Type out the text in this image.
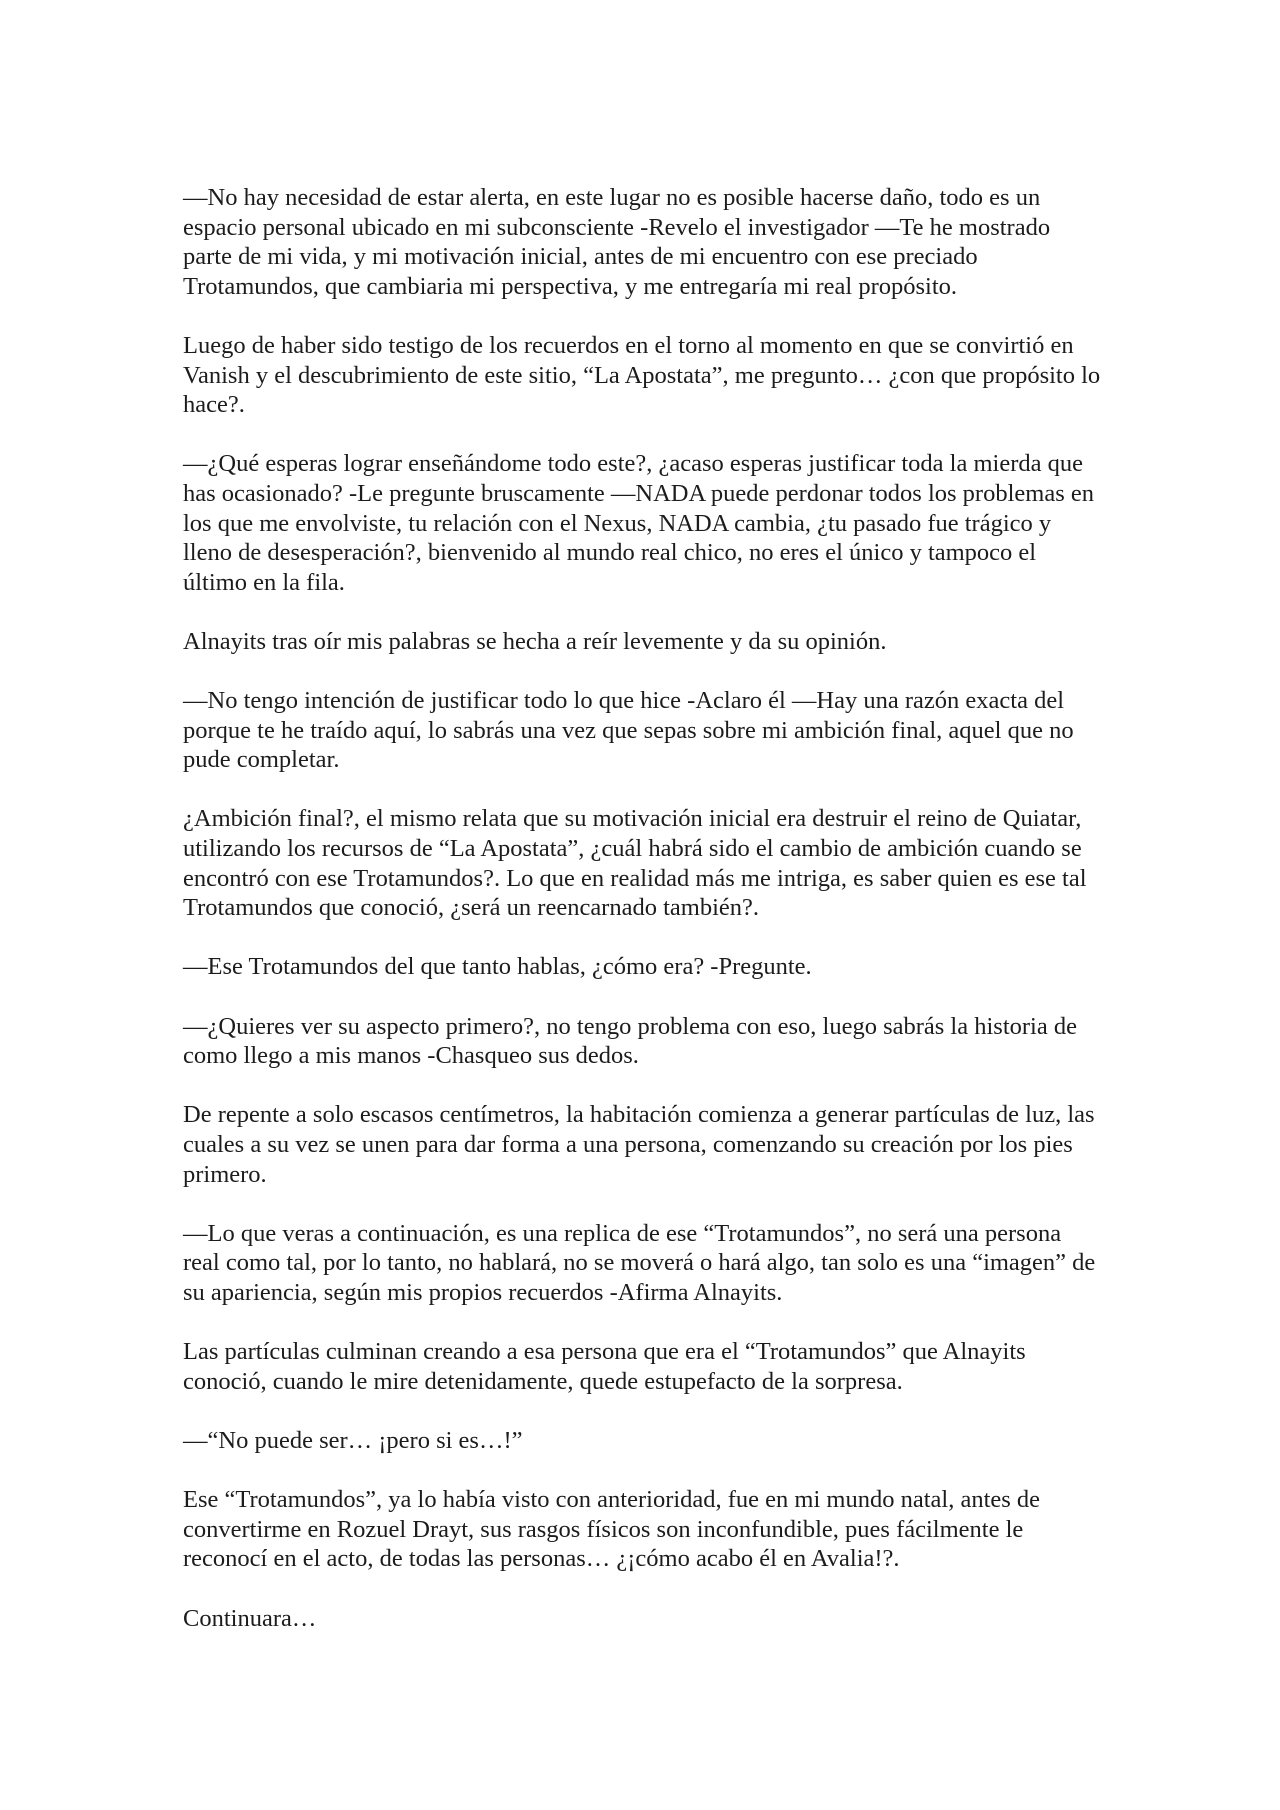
—No hay necesidad de estar alerta, en este lugar no es posible hacerse daño, todo es un espacio personal ubicado en mi subconsciente -Revelo el investigador —Te he mostrado parte de mi vida, y mi motivación inicial, antes de mi encuentro con ese preciado Trotamundos, que cambiaria mi perspectiva, y me entregaría mi real propósito.

Luego de haber sido testigo de los recuerdos en el torno al momento en que se convirtió en Vanish y el descubrimiento de este sitio, “La Apostata”, me pregunto… ¿con que propósito lo hace?.

—¿Qué esperas lograr enseñándome todo este?, ¿acaso esperas justificar toda la mierda que has ocasionado? -Le pregunte bruscamente —NADA puede perdonar todos los problemas en los que me envolviste, tu relación con el Nexus, NADA cambia, ¿tu pasado fue trágico y lleno de desesperación?, bienvenido al mundo real chico, no eres el único y tampoco el último en la fila.

Alnayits tras oír mis palabras se hecha a reír levemente y da su opinión.

—No tengo intención de justificar todo lo que hice -Aclaro él —Hay una razón exacta del porque te he traído aquí, lo sabrás una vez que sepas sobre mi ambición final, aquel que no pude completar.

¿Ambición final?, el mismo relata que su motivación inicial era destruir el reino de Quiatar, utilizando los recursos de “La Apostata”, ¿cuál habrá sido el cambio de ambición cuando se encontró con ese Trotamundos?. Lo que en realidad más me intriga, es saber quien es ese tal Trotamundos que conoció, ¿será un reencarnado también?.

—Ese Trotamundos del que tanto hablas, ¿cómo era? -Pregunte.

—¿Quieres ver su aspecto primero?, no tengo problema con eso, luego sabrás la historia de como llego a mis manos -Chasqueo sus dedos.

De repente a solo escasos centímetros, la habitación comienza a generar partículas de luz, las cuales a su vez se unen para dar forma a una persona, comenzando su creación por los pies primero.

—Lo que veras a continuación, es una replica de ese “Trotamundos”, no será una persona real como tal, por lo tanto, no hablará, no se moverá o hará algo, tan solo es una “imagen” de su apariencia, según mis propios recuerdos -Afirma Alnayits.

Las partículas culminan creando a esa persona que era el “Trotamundos” que Alnayits conoció, cuando le mire detenidamente, quede estupefacto de la sorpresa.

—“No puede ser… ¡pero si es…!”

Ese “Trotamundos”, ya lo había visto con anterioridad, fue en mi mundo natal, antes de convertirme en Rozuel Drayt, sus rasgos físicos son inconfundible, pues fácilmente le reconocí en el acto, de todas las personas… ¿¡cómo acabo él en Avalia!?.

Continuara…
